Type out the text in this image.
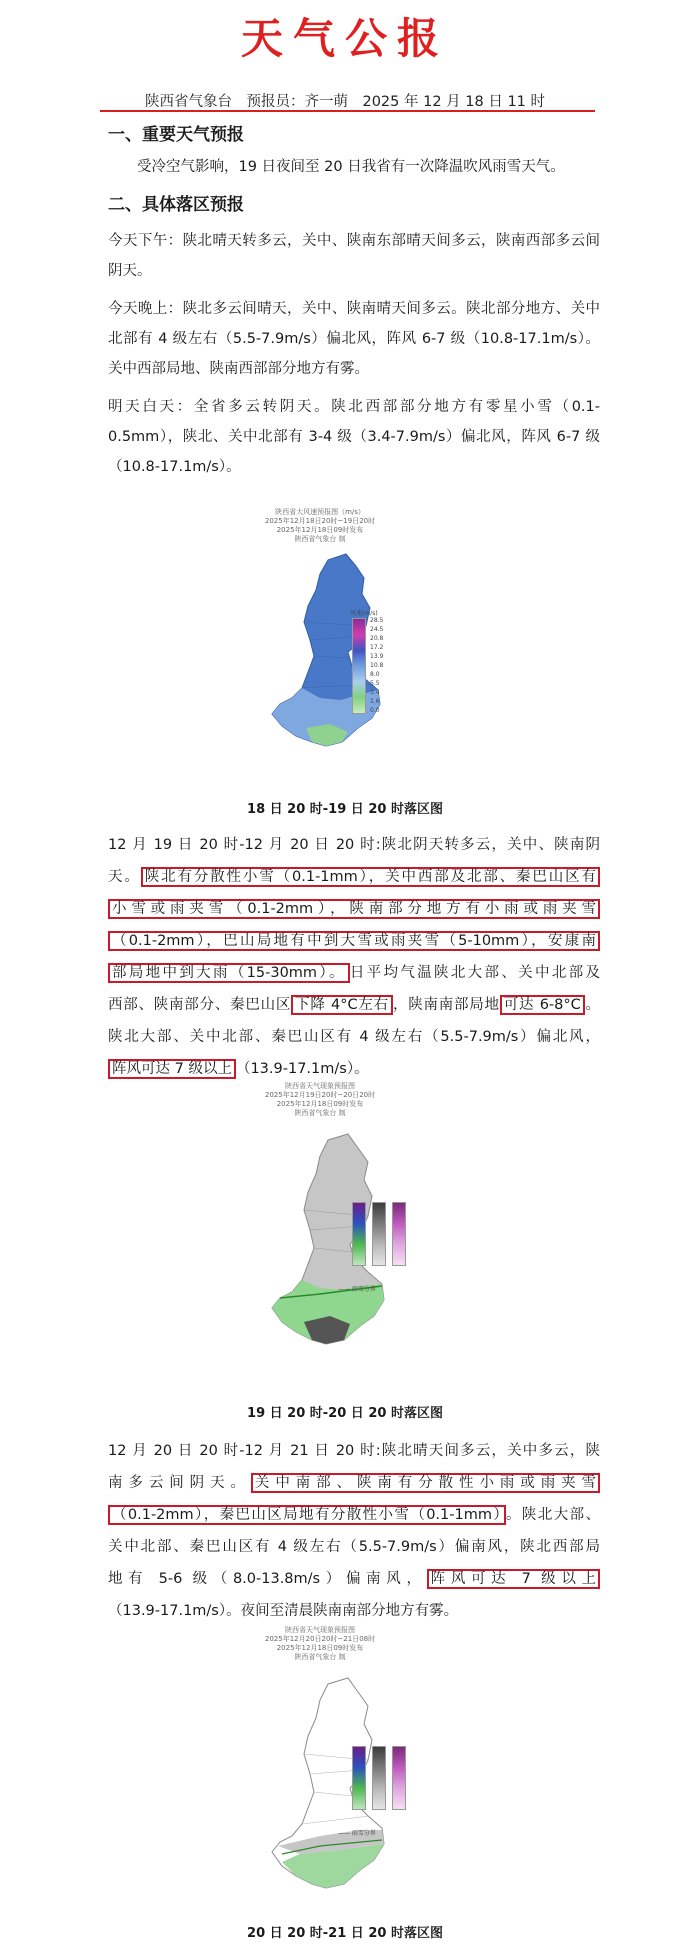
天气公报
陕西省气象台　预报员：齐一萌　2025 年 12 月 18 日 11 时
一、重要天气预报
受冷空气影响，19 日夜间至 20 日我省有一次降温吹风雨雪天气。
二、具体落区预报
今天下午：陕北晴天转多云，关中、陕南东部晴天间多云，陕南西部多云间阴天。
今天晚上：陕北多云间晴天，关中、陕南晴天间多云。陕北部分地方、关中北部有 4 级左右（5.5-7.9m/s）偏北风，阵风 6-7 级（10.8-17.1m/s）。关中西部局地、陕南西部部分地方有雾。
明天白天：全省多云转阴天。陕北西部部分地方有零星小雪（0.1-0.5mm），陕北、关中北部有 3-4 级（3.4-7.9m/s）偏北风，阵风 6-7 级（10.8-17.1m/s）。
陕西省大风速预报图（m/s）
2025年12月18日20时~19日20时
2025年12月18日09时发布
陕西省气象台 制
风速(m/s)
28.5
24.5
20.8
17.2
13.9
10.8
8.0
5.5
3.4
1.6
0.0
18 日 20 时-19 日 20 时落区图
12 月 19 日 20 时-12 月 20 日 20 时:陕北阴天转多云，关中、陕南阴
天。 陕北有分散性小雪（0.1-1mm），关中西部及北部、秦巴山区有
小雪或雨夹雪（0.1-2mm），陕南部分地方有小雨或雨夹雪
（0.1-2mm），巴山局地有中到大雪或雨夹雪（5-10mm），安康南
部局地中到大雨（15-30mm）。 日平均气温陕北大部、关中北部及
西部、陕南部分、秦巴山区 下降 4°C左右 ，陕南南部局地 可达 6-8°C 。
陕北大部、关中北部、秦巴山区有 4 级左右（5.5-7.9m/s）偏北风，
阵风可达 7 级以上 （13.9-17.1m/s）。
陕西省天气现象预报图
2025年12月19日20时~20日20时
2025年12月18日09时发布
陕西省气象台 制
—— 雨雪分界
19 日 20 时-20 日 20 时落区图
12 月 20 日 20 时-12 月 21 日 20 时:陕北晴天间多云，关中多云，陕
南多云间阴天。 关中南部、陕南有分散性小雨或雨夹雪
（0.1-2mm），秦巴山区局地有分散性小雪（0.1-1mm） 。陕北大部、
关中北部、秦巴山区有 4 级左右（5.5-7.9m/s）偏南风，陕北西部局
地有 5-6 级（8.0-13.8m/s）偏南风， 阵风可达 7 级以上
（13.9-17.1m/s）。夜间至清晨陕南南部分地方有雾。
陕西省天气现象预报图
2025年12月20日20时~21日08时
2025年12月18日09时发布
陕西省气象台 制
—— 雨雪分界
20 日 20 时-21 日 20 时落区图
